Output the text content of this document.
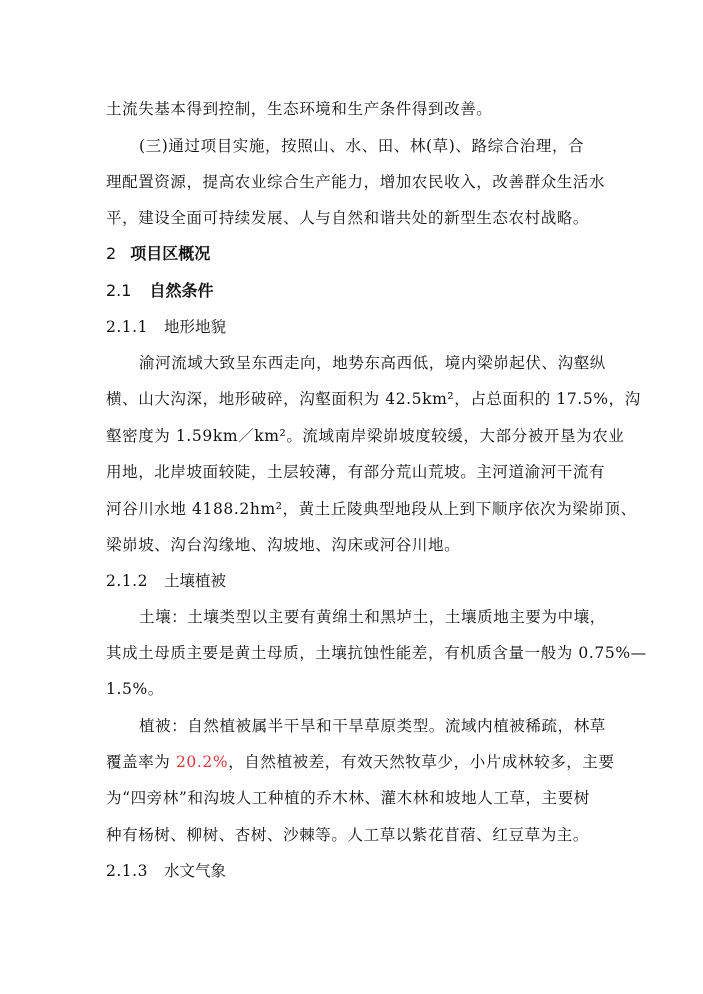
土流失基本得到控制，生态环境和生产条件得到改善。
(三)通过项目实施，按照山、水、田、林(草)、路综合治理，合
理配置资源，提高农业综合生产能力，增加农民收入，改善群众生活水
平，建设全面可持续发展、人与自然和谐共处的新型生态农村战略。
2 项目区概况
2.1 自然条件
2.1.1 地形地貌
渝河流域大致呈东西走向，地势东高西低，境内梁峁起伏、沟壑纵
横、山大沟深，地形破碎，沟壑面积为 42.5km²，占总面积的 17.5%，沟
壑密度为 1.59km／km²。流域南岸梁峁坡度较缓，大部分被开垦为农业
用地，北岸坡面较陡，土层较薄，有部分荒山荒坡。主河道渝河干流有
河谷川水地 4188.2hm²，黄土丘陵典型地段从上到下顺序依次为梁峁顶、
梁峁坡、沟台沟缘地、沟坡地、沟床或河谷川地。
2.1.2 土壤植被
土壤：土壤类型以主要有黄绵土和黑垆土，土壤质地主要为中壤，
其成土母质主要是黄土母质，土壤抗蚀性能差，有机质含量一般为 0.75%—
1.5%。
植被：自然植被属半干旱和干旱草原类型。流域内植被稀疏，林草
覆盖率为 20.2%，自然植被差，有效天然牧草少，小片成林较多，主要
为“四旁林”和沟坡人工种植的乔木林、灌木林和坡地人工草，主要树
种有杨树、柳树、杏树、沙棘等。人工草以紫花苜蓿、红豆草为主。
2.1.3 水文气象
